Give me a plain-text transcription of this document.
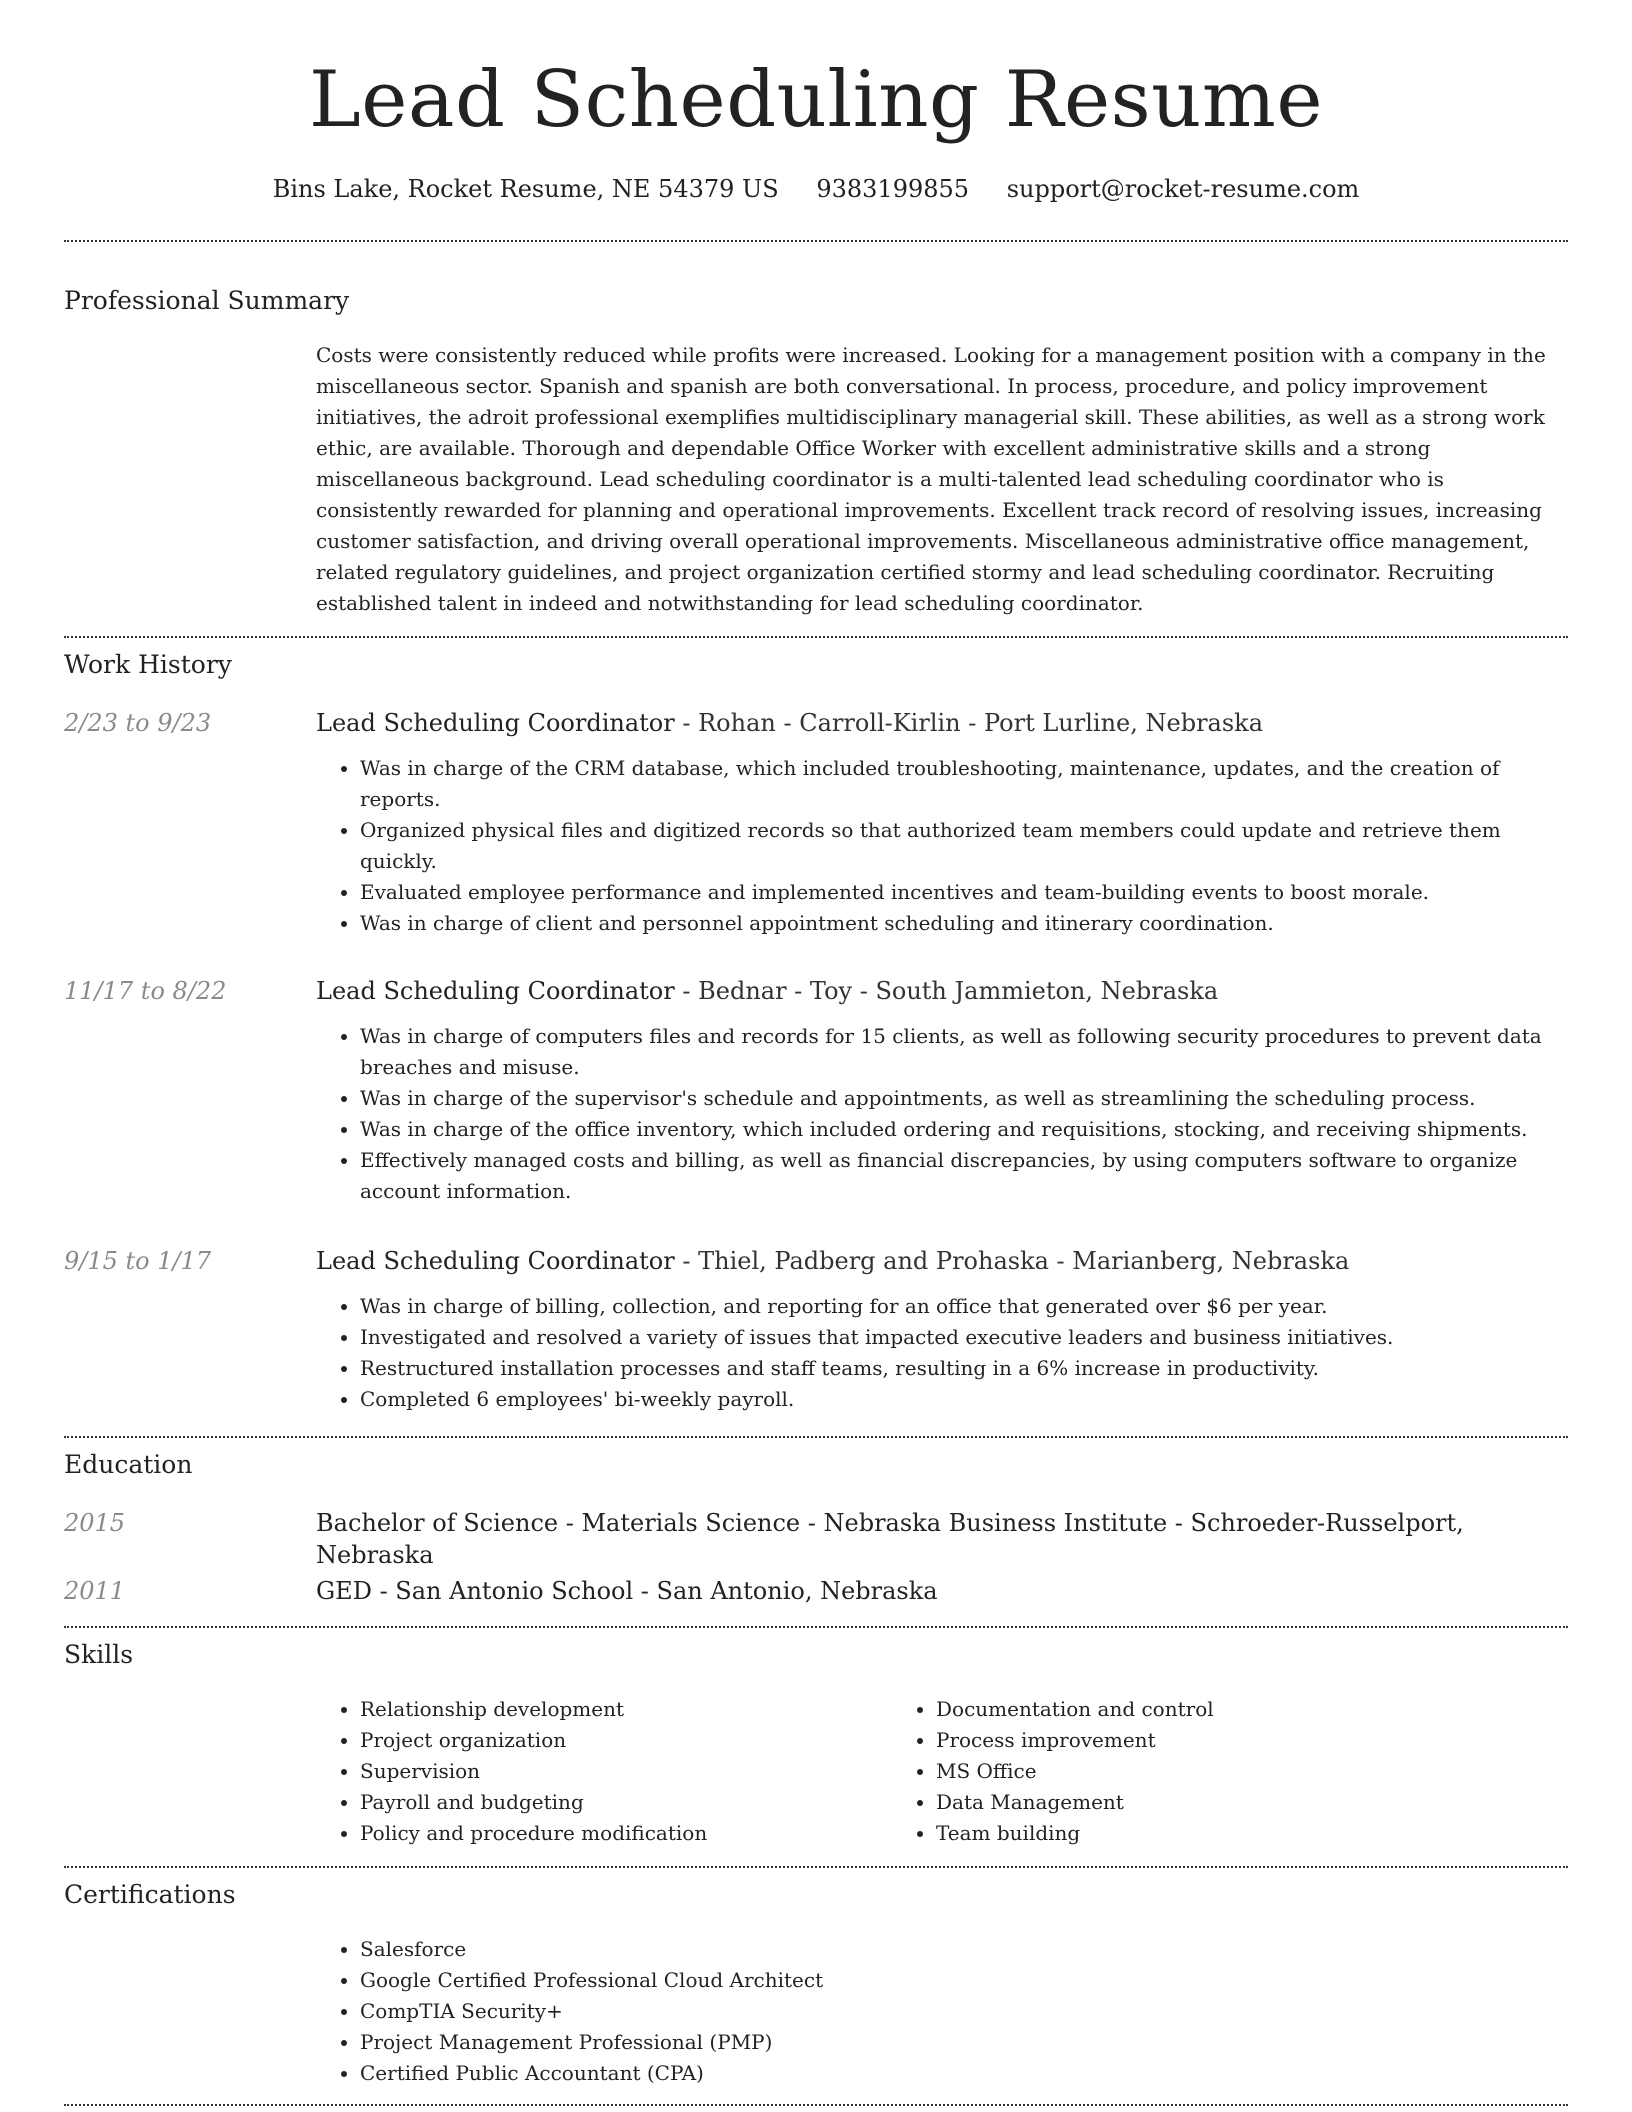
Lead Scheduling Resume
Bins Lake, Rocket Resume, NE 54379 US 9383199855 support@rocket-resume.com
Professional Summary
Costs were consistently reduced while profits were increased. Looking for a management position with a company in the miscellaneous sector. Spanish and spanish are both conversational. In process, procedure, and policy improvement initiatives, the adroit professional exemplifies multidisciplinary managerial skill. These abilities, as well as a strong work ethic, are available. Thorough and dependable Office Worker with excellent administrative skills and a strong miscellaneous background. Lead scheduling coordinator is a multi-talented lead scheduling coordinator who is consistently rewarded for planning and operational improvements. Excellent track record of resolving issues, increasing customer satisfaction, and driving overall operational improvements. Miscellaneous administrative office management, related regulatory guidelines, and project organization certified stormy and lead scheduling coordinator. Recruiting established talent in indeed and notwithstanding for lead scheduling coordinator.
Work History
2/23 to 9/23	Lead Scheduling Coordinator - Rohan - Carroll-Kirlin - Port Lurline, Nebraska
• Was in charge of the CRM database, which included troubleshooting, maintenance, updates, and the creation of reports.
• Organized physical files and digitized records so that authorized team members could update and retrieve them quickly.
• Evaluated employee performance and implemented incentives and team-building events to boost morale.
• Was in charge of client and personnel appointment scheduling and itinerary coordination.
11/17 to 8/22	Lead Scheduling Coordinator - Bednar - Toy - South Jammieton, Nebraska
• Was in charge of computers files and records for 15 clients, as well as following security procedures to prevent data breaches and misuse.
• Was in charge of the supervisor's schedule and appointments, as well as streamlining the scheduling process.
• Was in charge of the office inventory, which included ordering and requisitions, stocking, and receiving shipments.
• Effectively managed costs and billing, as well as financial discrepancies, by using computers software to organize account information.
9/15 to 1/17	Lead Scheduling Coordinator - Thiel, Padberg and Prohaska - Marianberg, Nebraska
• Was in charge of billing, collection, and reporting for an office that generated over $6 per year.
• Investigated and resolved a variety of issues that impacted executive leaders and business initiatives.
• Restructured installation processes and staff teams, resulting in a 6% increase in productivity.
• Completed 6 employees' bi-weekly payroll.
Education
2015	Bachelor of Science - Materials Science - Nebraska Business Institute - Schroeder-Russelport, Nebraska
2011	GED - San Antonio School - San Antonio, Nebraska
Skills
• Relationship development
• Project organization
• Supervision
• Payroll and budgeting
• Policy and procedure modification
• Documentation and control
• Process improvement
• MS Office
• Data Management
• Team building
Certifications
• Salesforce
• Google Certified Professional Cloud Architect
• CompTIA Security+
• Project Management Professional (PMP)
• Certified Public Accountant (CPA)
